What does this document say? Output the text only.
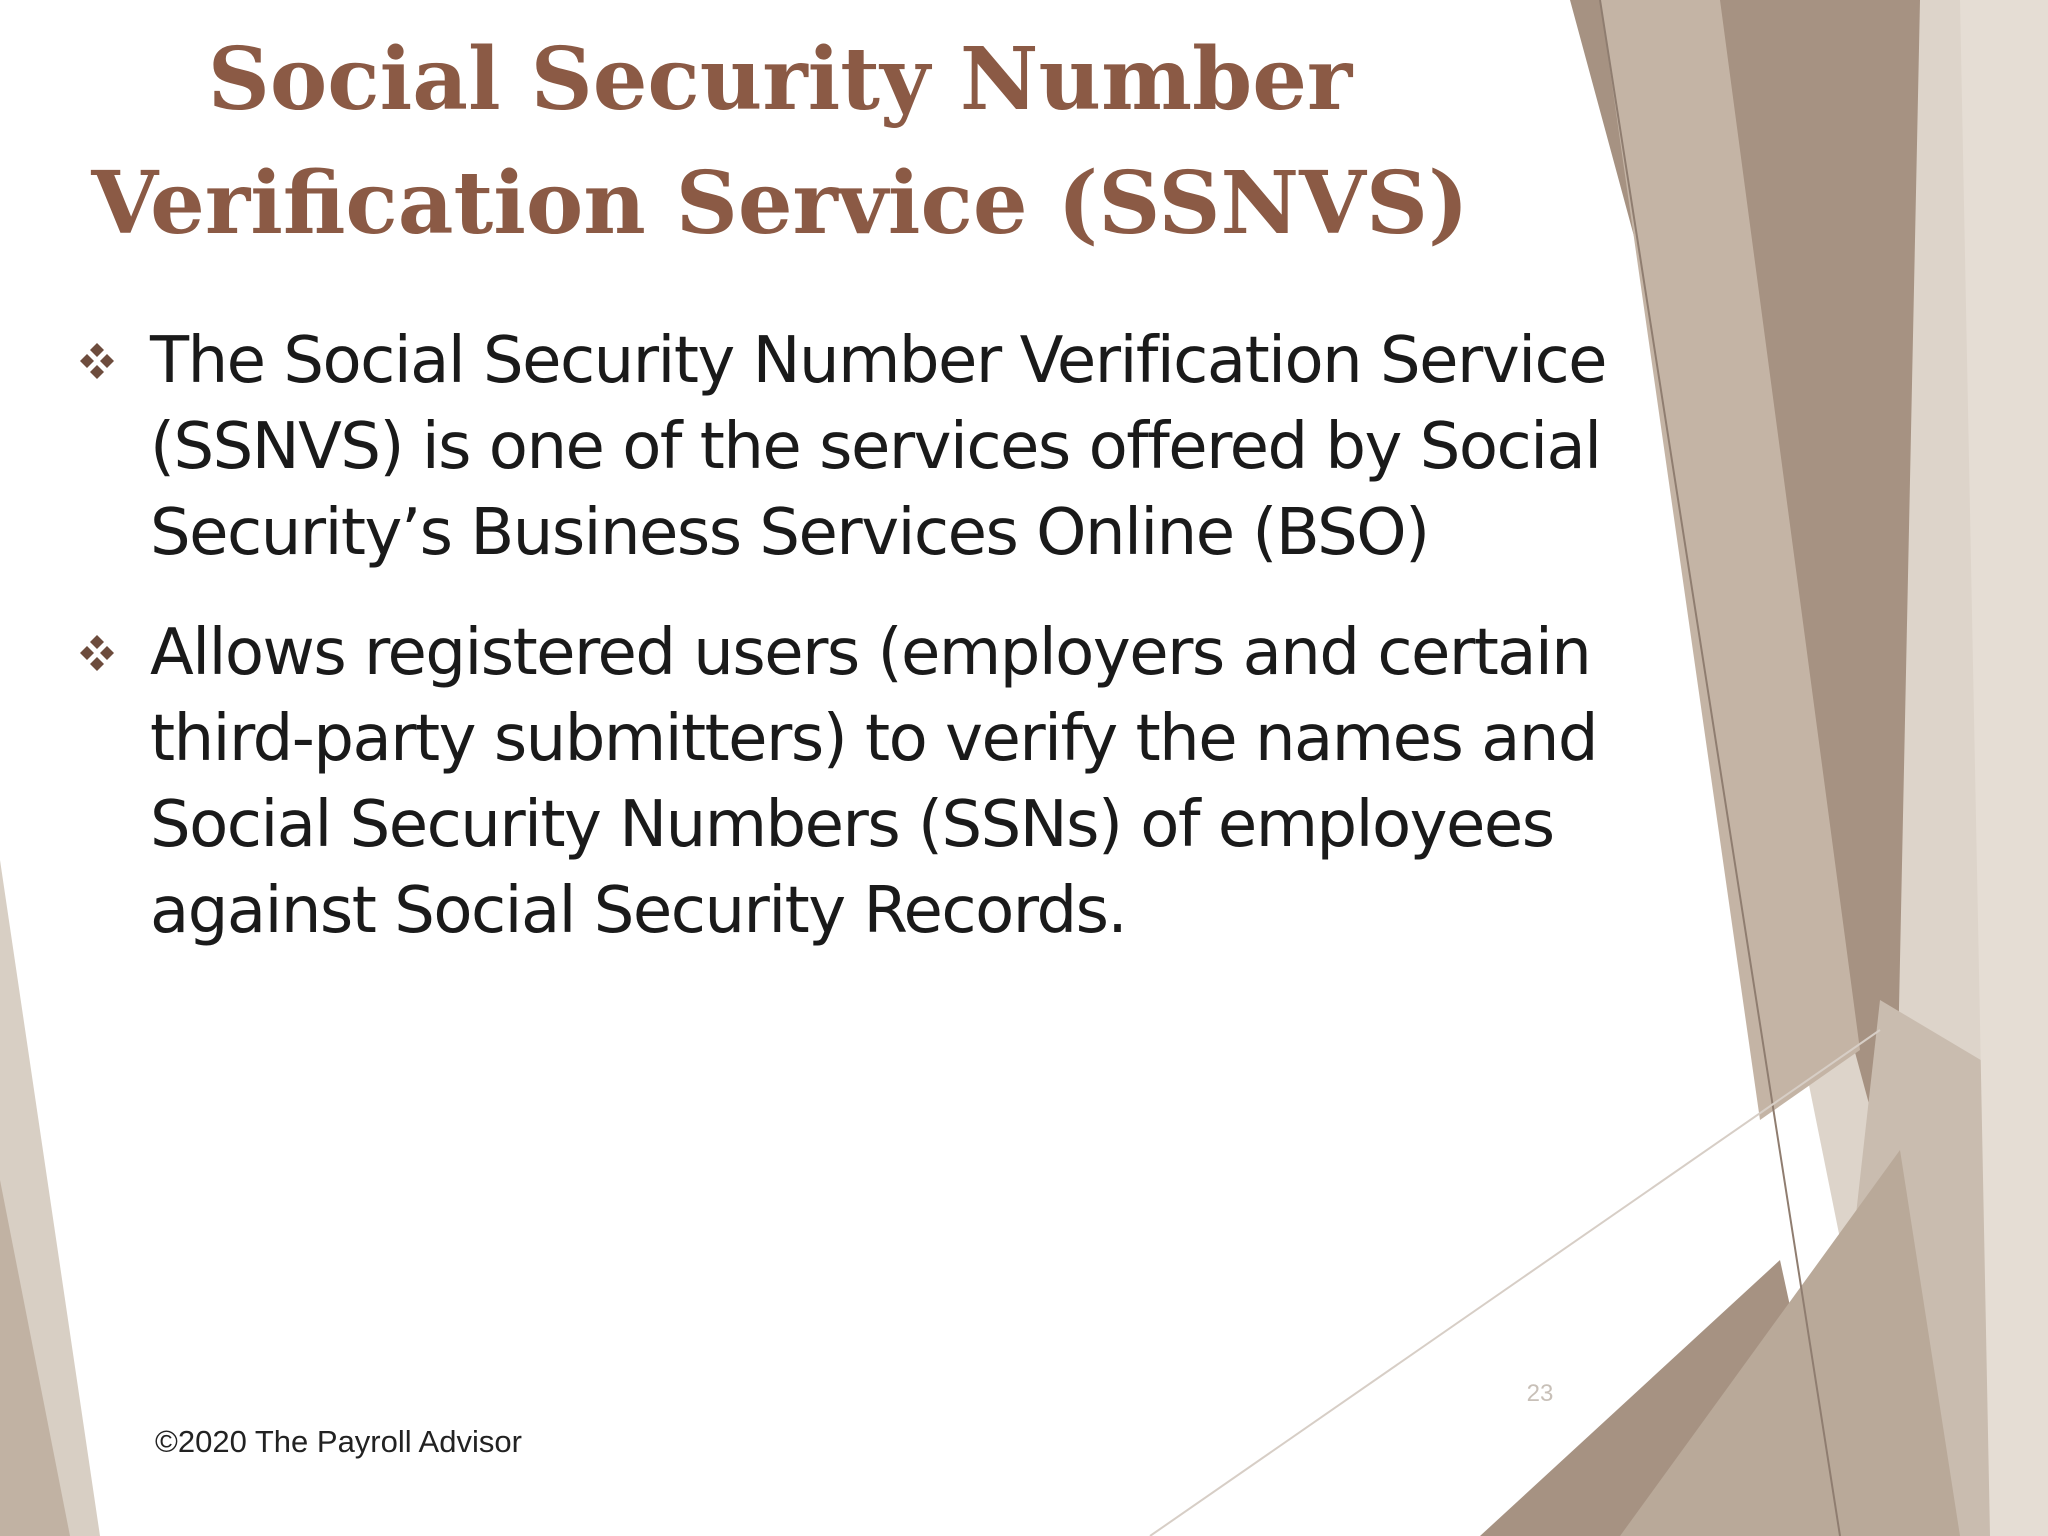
Social Security Number
Verification Service (SSNVS)
The Social Security Number Verification Service (SSNVS) is one of the services offered by Social Security’s Business Services Online (BSO)
Allows registered users (employers and certain third-party submitters) to verify the names and Social Security Numbers (SSNs) of employees against Social Security Records.
23
©2020 The Payroll Advisor
